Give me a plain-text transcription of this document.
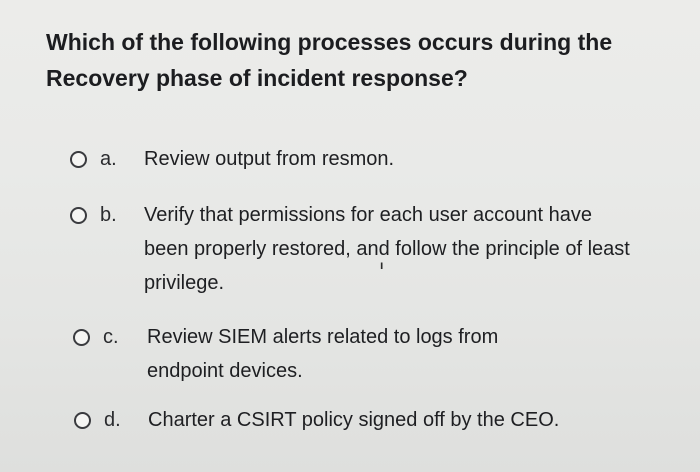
Which of the following processes occurs during the
Recovery phase of incident response?
a.	Review output from resmon.
b.	Verify that permissions for each user account have been properly restored, and follow the principle of least privilege.
c.	Review SIEM alerts related to logs from endpoint devices.
d.	Charter a CSIRT policy signed off by the CEO.
ı
